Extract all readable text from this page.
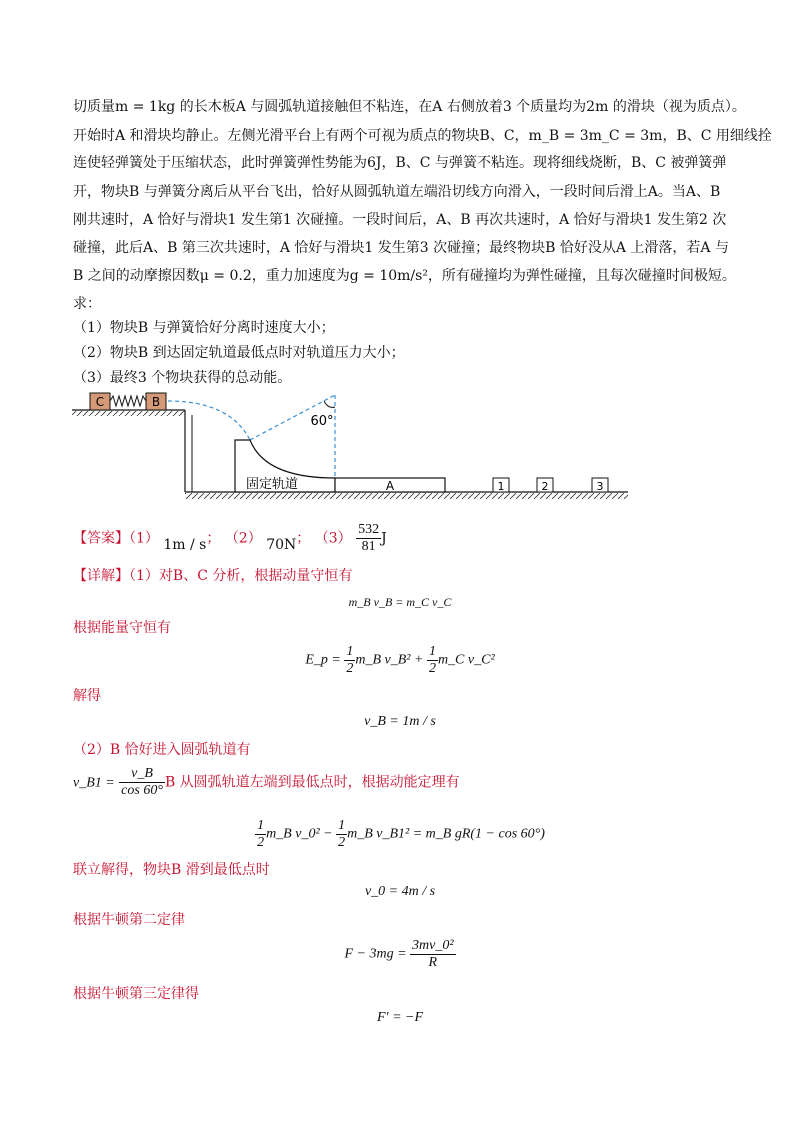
切质量m = 1kg 的长木板A 与圆弧轨道接触但不粘连，在A 右侧放着3 个质量均为2m 的滑块（视为质点）。
开始时A 和滑块均静止。左侧光滑平台上有两个可视为质点的物块B、C，m_B = 3m_C = 3m，B、C 用细线拴
连使轻弹簧处于压缩状态，此时弹簧弹性势能为6J，B、C 与弹簧不粘连。现将细线烧断，B、C 被弹簧弹
开，物块B 与弹簧分离后从平台飞出，恰好从圆弧轨道左端沿切线方向滑入，一段时间后滑上A。当A、B
刚共速时，A 恰好与滑块1 发生第1 次碰撞。一段时间后，A、B 再次共速时，A 恰好与滑块1 发生第2 次
碰撞，此后A、B 第三次共速时，A 恰好与滑块1 发生第3 次碰撞；最终物块B 恰好没从A 上滑落，若A 与
B 之间的动摩擦因数μ = 0.2，重力加速度为g = 10m/s²，所有碰撞均为弹性碰撞，且每次碰撞时间极短。
求：
（1）物块B 与弹簧恰好分离时速度大小；
（2）物块B 到达固定轨道最低点时对轨道压力大小；
（3）最终3 个物块获得的总动能。
C	B
60°
固定轨道	A	1	2	3
【答案】（1） 1m / s； （2） 70N； $(3) \frac{532}{81}$ J
【详解】（1）对B、C 分析，根据动量守恒有
m_B v_B = m_C v_C
根据能量守恒有
E_p = $\frac{1}{2}$ m_B v_B² + $\frac{1}{2}$ m_C v_C²
解得
v_B = 1m / s
（2）B 恰好进入圆弧轨道有
v_B1 = $\frac{v\_B}{\cos 60^\circ}$ B 从圆弧轨道左端到最低点时，根据动能定理有
$\frac{1}{2}$ m_B v_0² − $\frac{1}{2}$ m_B v_B1² = m_B gR(1 − cos 60°)
联立解得，物块B 滑到最低点时
v_0 = 4m / s
根据牛顿第二定律
$F - 3mg = \frac{\text{3mv\_0²}}{R}$
根据牛顿第三定律得
F′ = −F
